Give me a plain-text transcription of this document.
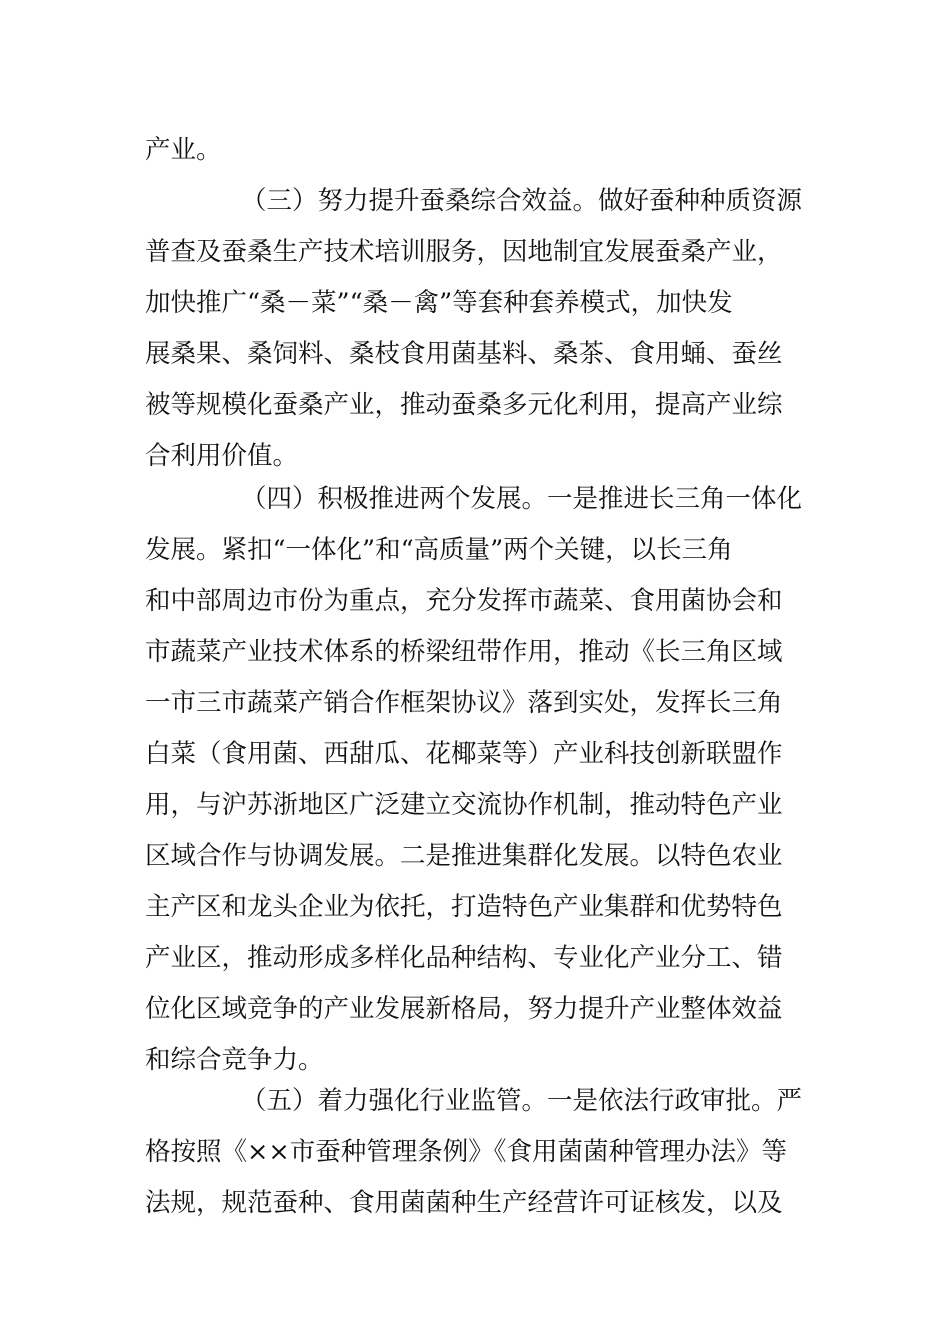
产业。

（三）努力提升蚕桑综合效益。做好蚕种种质资源
普查及蚕桑生产技术培训服务，因地制宜发展蚕桑产业，
加快推广“桑－菜”“桑－禽”等套种套养模式，加快发
展桑果、桑饲料、桑枝食用菌基料、桑茶、食用蛹、蚕丝
被等规模化蚕桑产业，推动蚕桑多元化利用，提高产业综
合利用价值。

（四）积极推进两个发展。一是推进长三角一体化
发展。紧扣“一体化”和“高质量”两个关键，以长三角
和中部周边市份为重点，充分发挥市蔬菜、食用菌协会和
市蔬菜产业技术体系的桥梁纽带作用，推动《长三角区域
一市三市蔬菜产销合作框架协议》落到实处，发挥长三角
白菜（食用菌、西甜瓜、花椰菜等）产业科技创新联盟作
用，与沪苏浙地区广泛建立交流协作机制，推动特色产业
区域合作与协调发展。二是推进集群化发展。以特色农业
主产区和龙头企业为依托，打造特色产业集群和优势特色
产业区，推动形成多样化品种结构、专业化产业分工、错
位化区域竞争的产业发展新格局，努力提升产业整体效益
和综合竞争力。

（五）着力强化行业监管。一是依法行政审批。严
格按照《××市蚕种管理条例》《食用菌菌种管理办法》等
法规，规范蚕种、食用菌菌种生产经营许可证核发，以及
